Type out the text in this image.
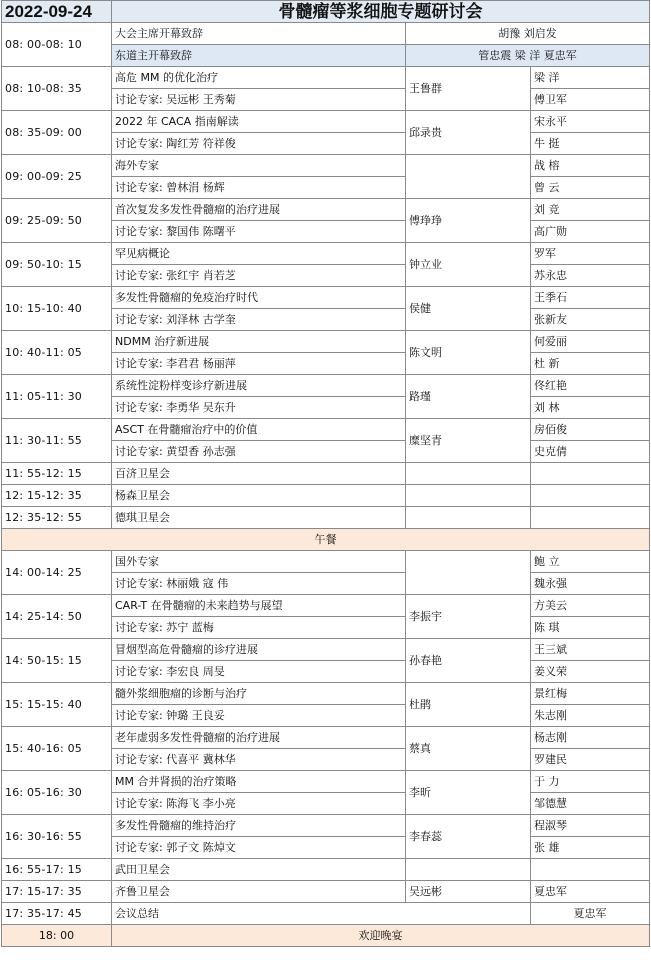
2022-09-24	骨髓瘤等浆细胞专题研讨会		
08: 00-08: 10	大会主席开幕致辞	胡豫 刘启发	
	东道主开幕致辞	管忠震 梁 洋 夏忠军	
08: 10-08: 35	高危 MM 的优化治疗	王鲁群	梁 洋
	讨论专家: 吴远彬 王秀菊		傅卫军
08: 35-09: 00	2022 年 CACA 指南解读	邱录贵	宋永平
	讨论专家: 陶红芳 符祥俊		牛 挺
09: 00-09: 25	海外专家		战 榕
	讨论专家: 曾林涓 杨辉		曾 云
09: 25-09: 50	首次复发多发性骨髓瘤的治疗进展	傅琤琤	刘 竞
	讨论专家: 黎国伟 陈曙平		高广勋
09: 50-10: 15	罕见病概论	钟立业	罗军
	讨论专家: 张红宇 肖若芝		苏永忠
10: 15-10: 40	多发性骨髓瘤的免疫治疗时代	侯健	王季石
	讨论专家: 刘泽林 古学奎		张新友
10: 40-11: 05	NDMM 治疗新进展	陈文明	何爱丽
	讨论专家: 李君君 杨丽萍		杜 新
11: 05-11: 30	系统性淀粉样变诊疗新进展	路瑾	佟红艳
	讨论专家: 李勇华 吴东升		刘 林
11: 30-11: 55	ASCT 在骨髓瘤治疗中的价值	糜坚青	房佰俊
	讨论专家: 黄望香 孙志强		史克倩
11: 55-12: 15	百济卫星会		
12: 15-12: 35	杨森卫星会		
12: 35-12: 55	德琪卫星会		
午餐			
14: 00-14: 25	国外专家		鲍 立
	讨论专家: 林丽娥 寇 伟		魏永强
14: 25-14: 50	CAR-T 在骨髓瘤的未来趋势与展望	李振宇	方美云
	讨论专家: 苏宁 蓝梅		陈 琪
14: 50-15: 15	冒烟型高危骨髓瘤的诊疗进展	孙春艳	王三斌
	讨论专家: 李宏良 周旻		姜义荣
15: 15-15: 40	髓外浆细胞瘤的诊断与治疗	杜鹃	景红梅
	讨论专家: 钟璐 王良妥		朱志刚
15: 40-16: 05	老年虚弱多发性骨髓瘤的治疗进展	蔡真	杨志刚
	讨论专家: 代喜平 冀林华		罗建民
16: 05-16: 30	MM 合并肾损的治疗策略	李昕	于 力
	讨论专家: 陈海飞 李小亮		邹德慧
16: 30-16: 55	多发性骨髓瘤的维持治疗	李春蕊	程淑琴
	讨论专家: 郭子文 陈焯文		张 雄
16: 55-17: 15	武田卫星会		
17: 15-17: 35	齐鲁卫星会	吴远彬	夏忠军
17: 35-17: 45	会议总结		夏忠军
18: 00	欢迎晚宴		
